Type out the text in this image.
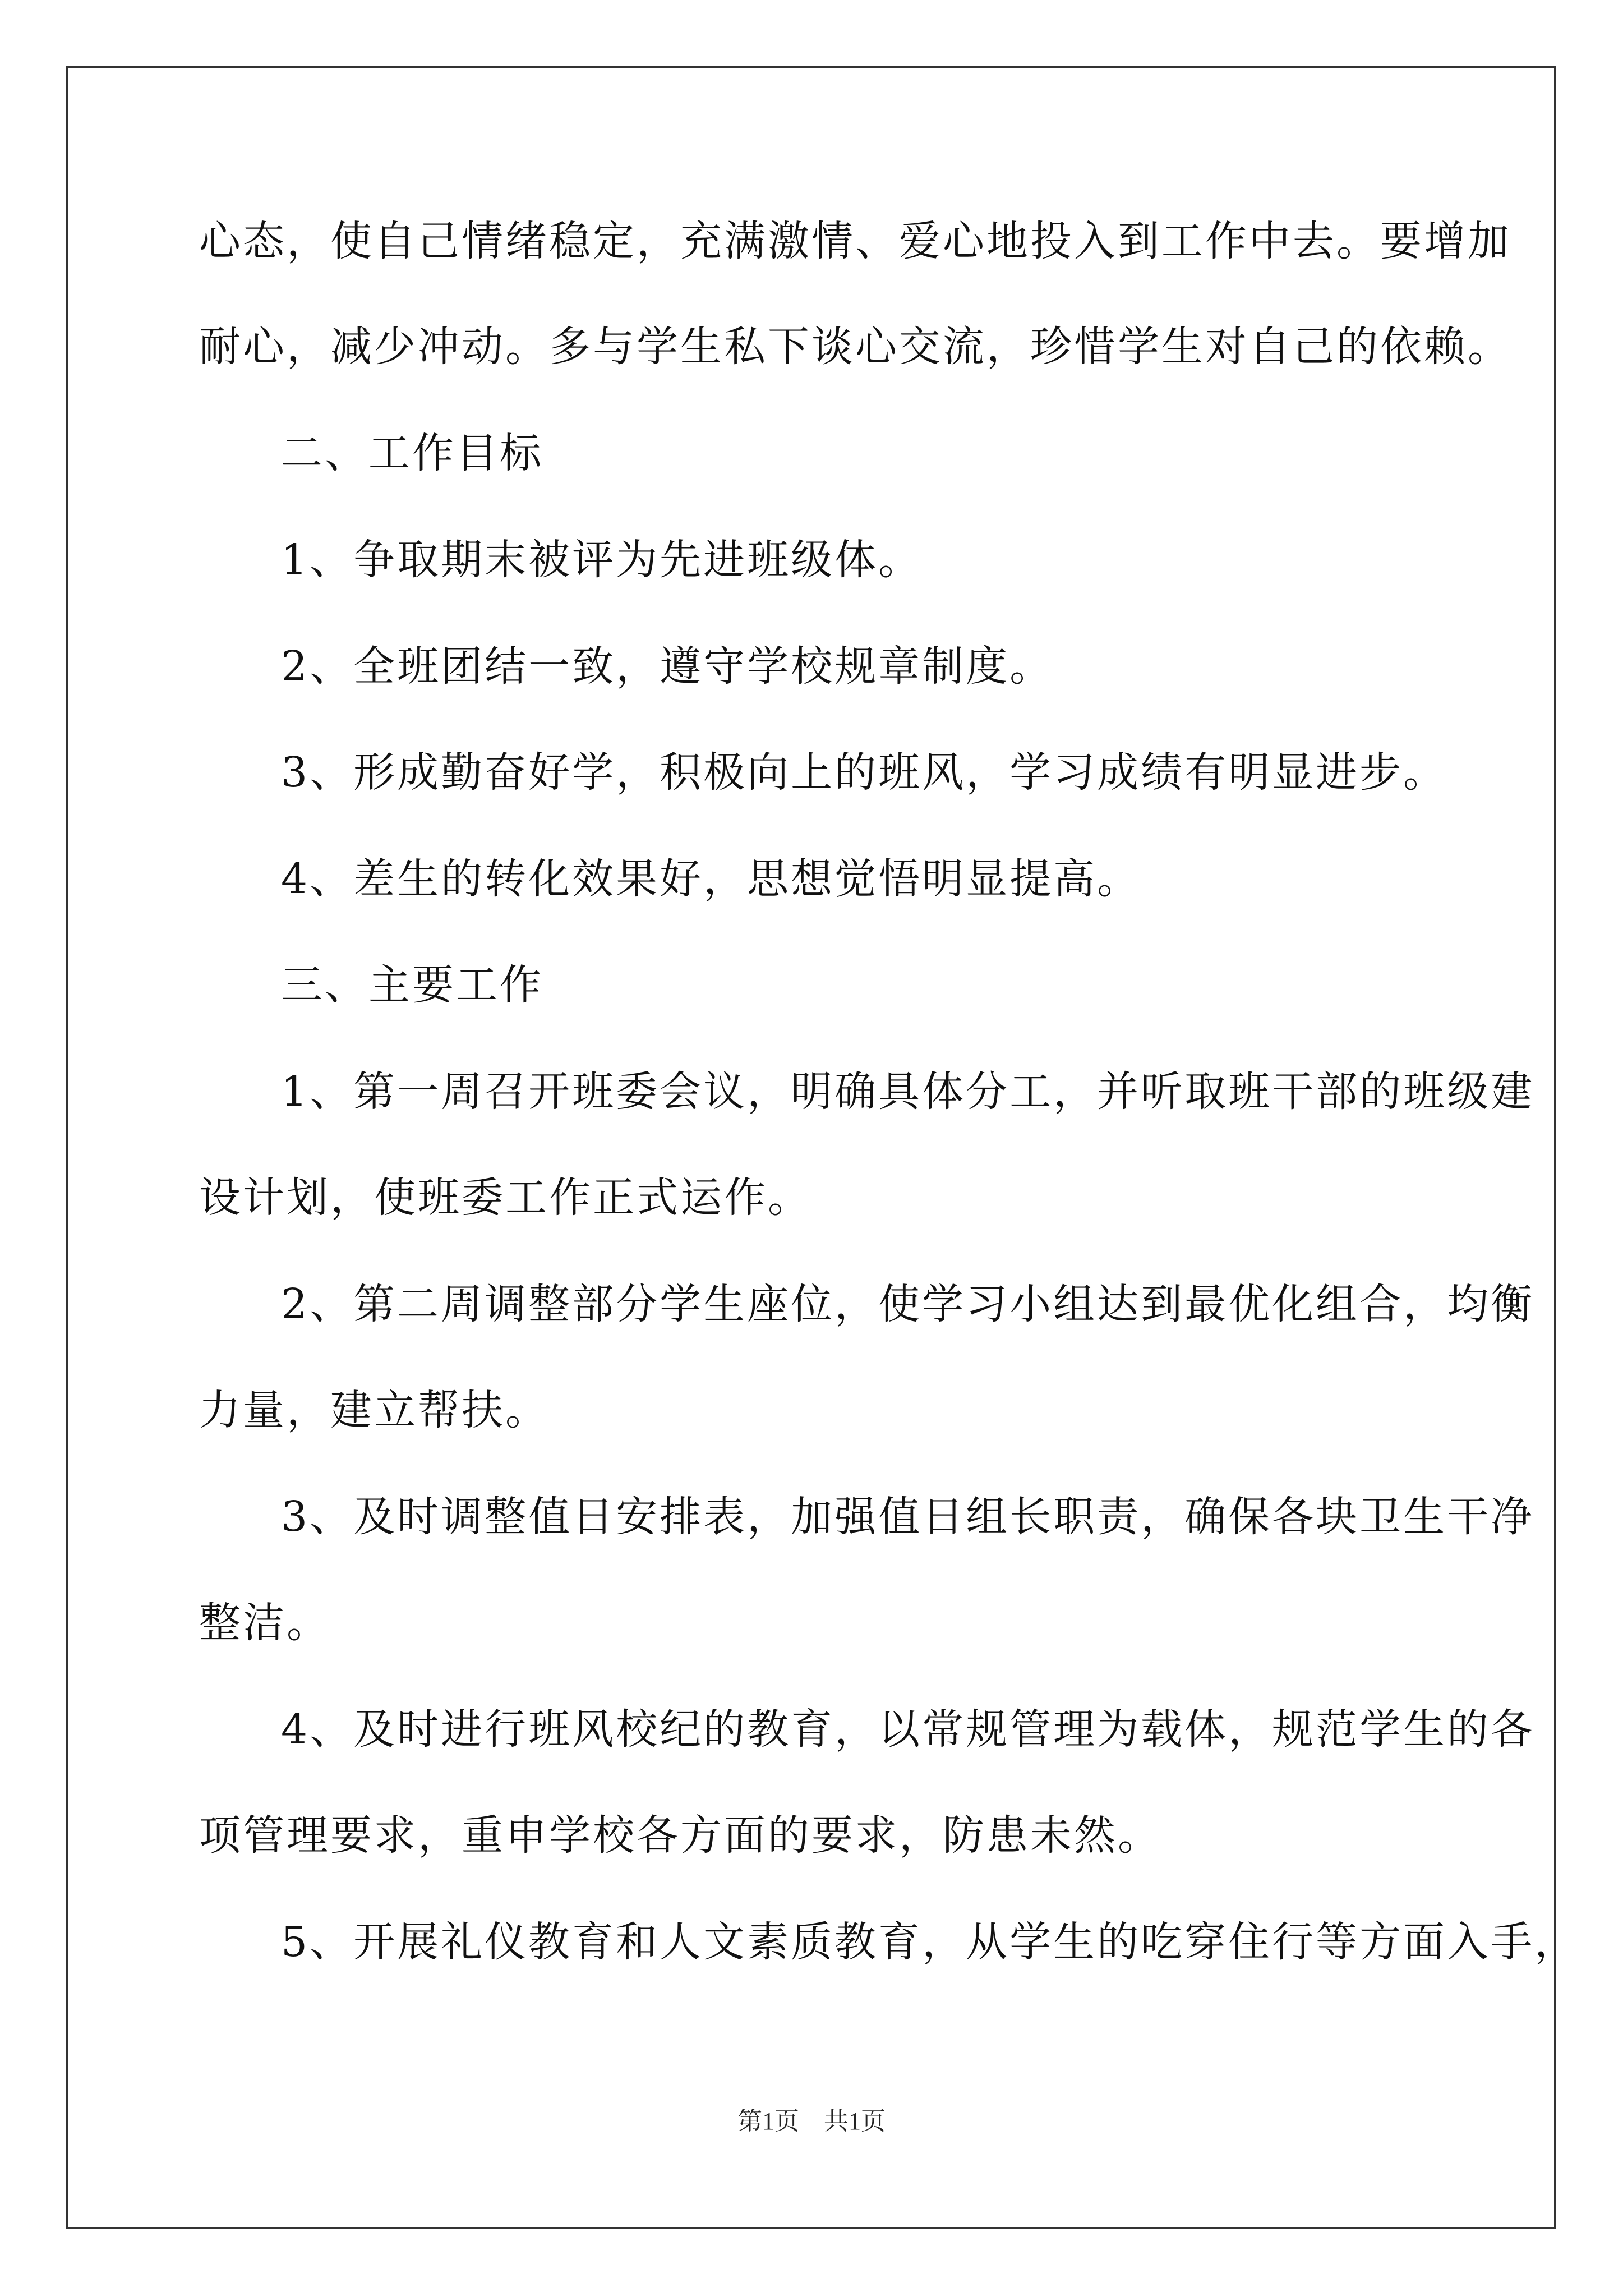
心态，使自己情绪稳定，充满激情、爱心地投入到工作中去。要增加
耐心，减少冲动。多与学生私下谈心交流，珍惜学生对自己的依赖。
二、工作目标
1、争取期末被评为先进班级体。
2、全班团结一致，遵守学校规章制度。
3、形成勤奋好学，积极向上的班风，学习成绩有明显进步。
4、差生的转化效果好，思想觉悟明显提高。
三、主要工作
1、第一周召开班委会议，明确具体分工，并听取班干部的班级建
设计划，使班委工作正式运作。
2、第二周调整部分学生座位，使学习小组达到最优化组合，均衡
力量，建立帮扶。
3、及时调整值日安排表，加强值日组长职责，确保各块卫生干净
整洁。
4、及时进行班风校纪的教育，以常规管理为载体，规范学生的各
项管理要求，重申学校各方面的要求，防患未然。
5、开展礼仪教育和人文素质教育，从学生的吃穿住行等方面入手，
第1页 共1页
